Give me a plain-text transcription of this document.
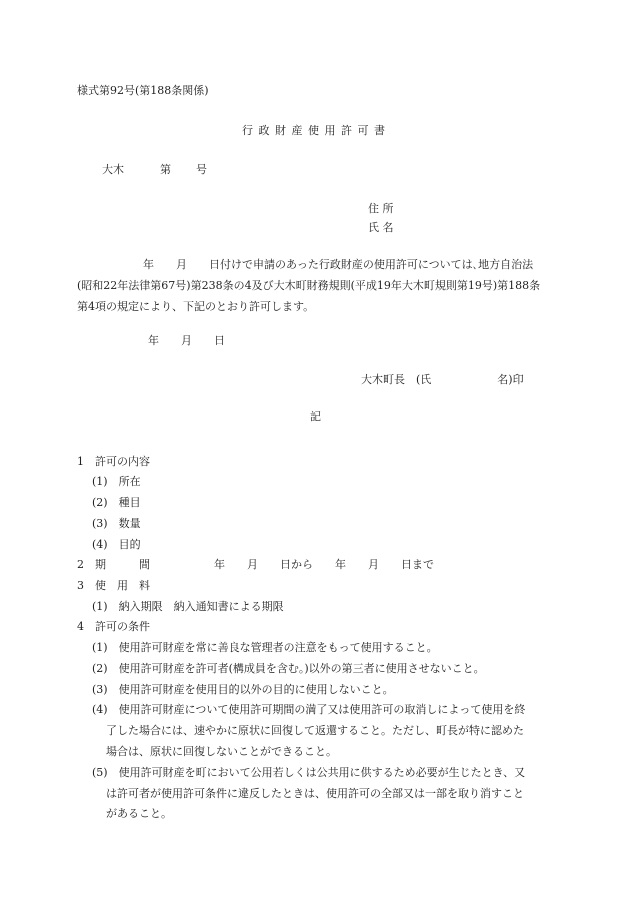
様式第92号(第188条関係)
行 政 財 産 使 用 許 可 書
大木	第 号
住 所
氏 名
　　　　　　年　　月　　日付けで申請のあった行政財産の使用許可については､地方自治法
(昭和22年法律第67号)第238条の4及び大木町財務規則(平成19年大木町規則第19号)第188条
第4項の規定により、下記のとおり許可します。
年　　月　　日
大木町長　(氏　　　　　　名)印
記
1　許可の内容
(1)　所在
(2)　種目
(3)　数量
(4)　目的
2　期　　　間	年　　月　　日から　　年　　月　　日まで
3　使　用　料
(1)　納入期限　納入通知書による期限
4　許可の条件
(1)　使用許可財産を常に善良な管理者の注意をもって使用すること。
(2)　使用許可財産を許可者(構成員を含む。)以外の第三者に使用させないこと。
(3)　使用許可財産を使用目的以外の目的に使用しないこと。
(4)　使用許可財産について使用許可期間の満了又は使用許可の取消しによって使用を終
了した場合には、速やかに原状に回復して返還すること。ただし、町長が特に認めた
場合は、原状に回復しないことができること。
(5)　使用許可財産を町において公用若しくは公共用に供するため必要が生じたとき、又
は許可者が使用許可条件に違反したときは、使用許可の全部又は一部を取り消すこと
があること。
